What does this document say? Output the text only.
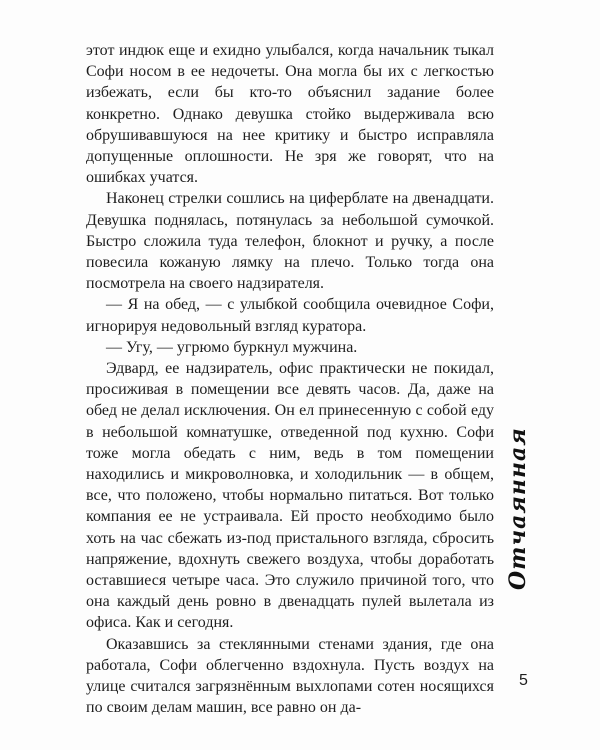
этот индюк еще и ехидно улыбался, когда начальник тыкал Софи носом в ее недочеты. Она могла бы их с легкостью избежать, если бы кто-то объяснил задание более конкретно. Однако девушка стойко выдерживала всю обрушивавшуюся на нее критику и быстро исправляла допущенные оплошности. Не зря же говорят, что на ошибках учатся.

Наконец стрелки сошлись на циферблате на двенадцати. Девушка поднялась, потянулась за небольшой сумочкой. Быстро сложила туда телефон, блокнот и ручку, а после повесила кожаную лямку на плечо. Только тогда она посмотрела на своего надзирателя.

— Я на обед, — с улыбкой сообщила очевидное Софи, игнорируя недовольный взгляд куратора.

— Угу, — угрюмо буркнул мужчина.

Эдвард, ее надзиратель, офис практически не покидал, просиживая в помещении все девять часов. Да, даже на обед не делал исключения. Он ел принесенную с собой еду в небольшой комнатушке, отведенной под кухню. Софи тоже могла обедать с ним, ведь в том помещении находились и микроволновка, и холодильник — в общем, все, что положено, чтобы нормально питаться. Вот только компания ее не устраивала. Ей просто необходимо было хоть на час сбежать из-под пристального взгляда, сбросить напряжение, вдохнуть свежего воздуха, чтобы доработать оставшиеся четыре часа. Это служило причиной того, что она каждый день ровно в двенадцать пулей вылетала из офиса. Как и сегодня.

Оказавшись за стеклянными стенами здания, где она работала, Софи облегченно вздохнула. Пусть воздух на улице считался загрязнённым выхлопами сотен носящихся по своим делам машин, все равно он да-

Отчаянная
5
